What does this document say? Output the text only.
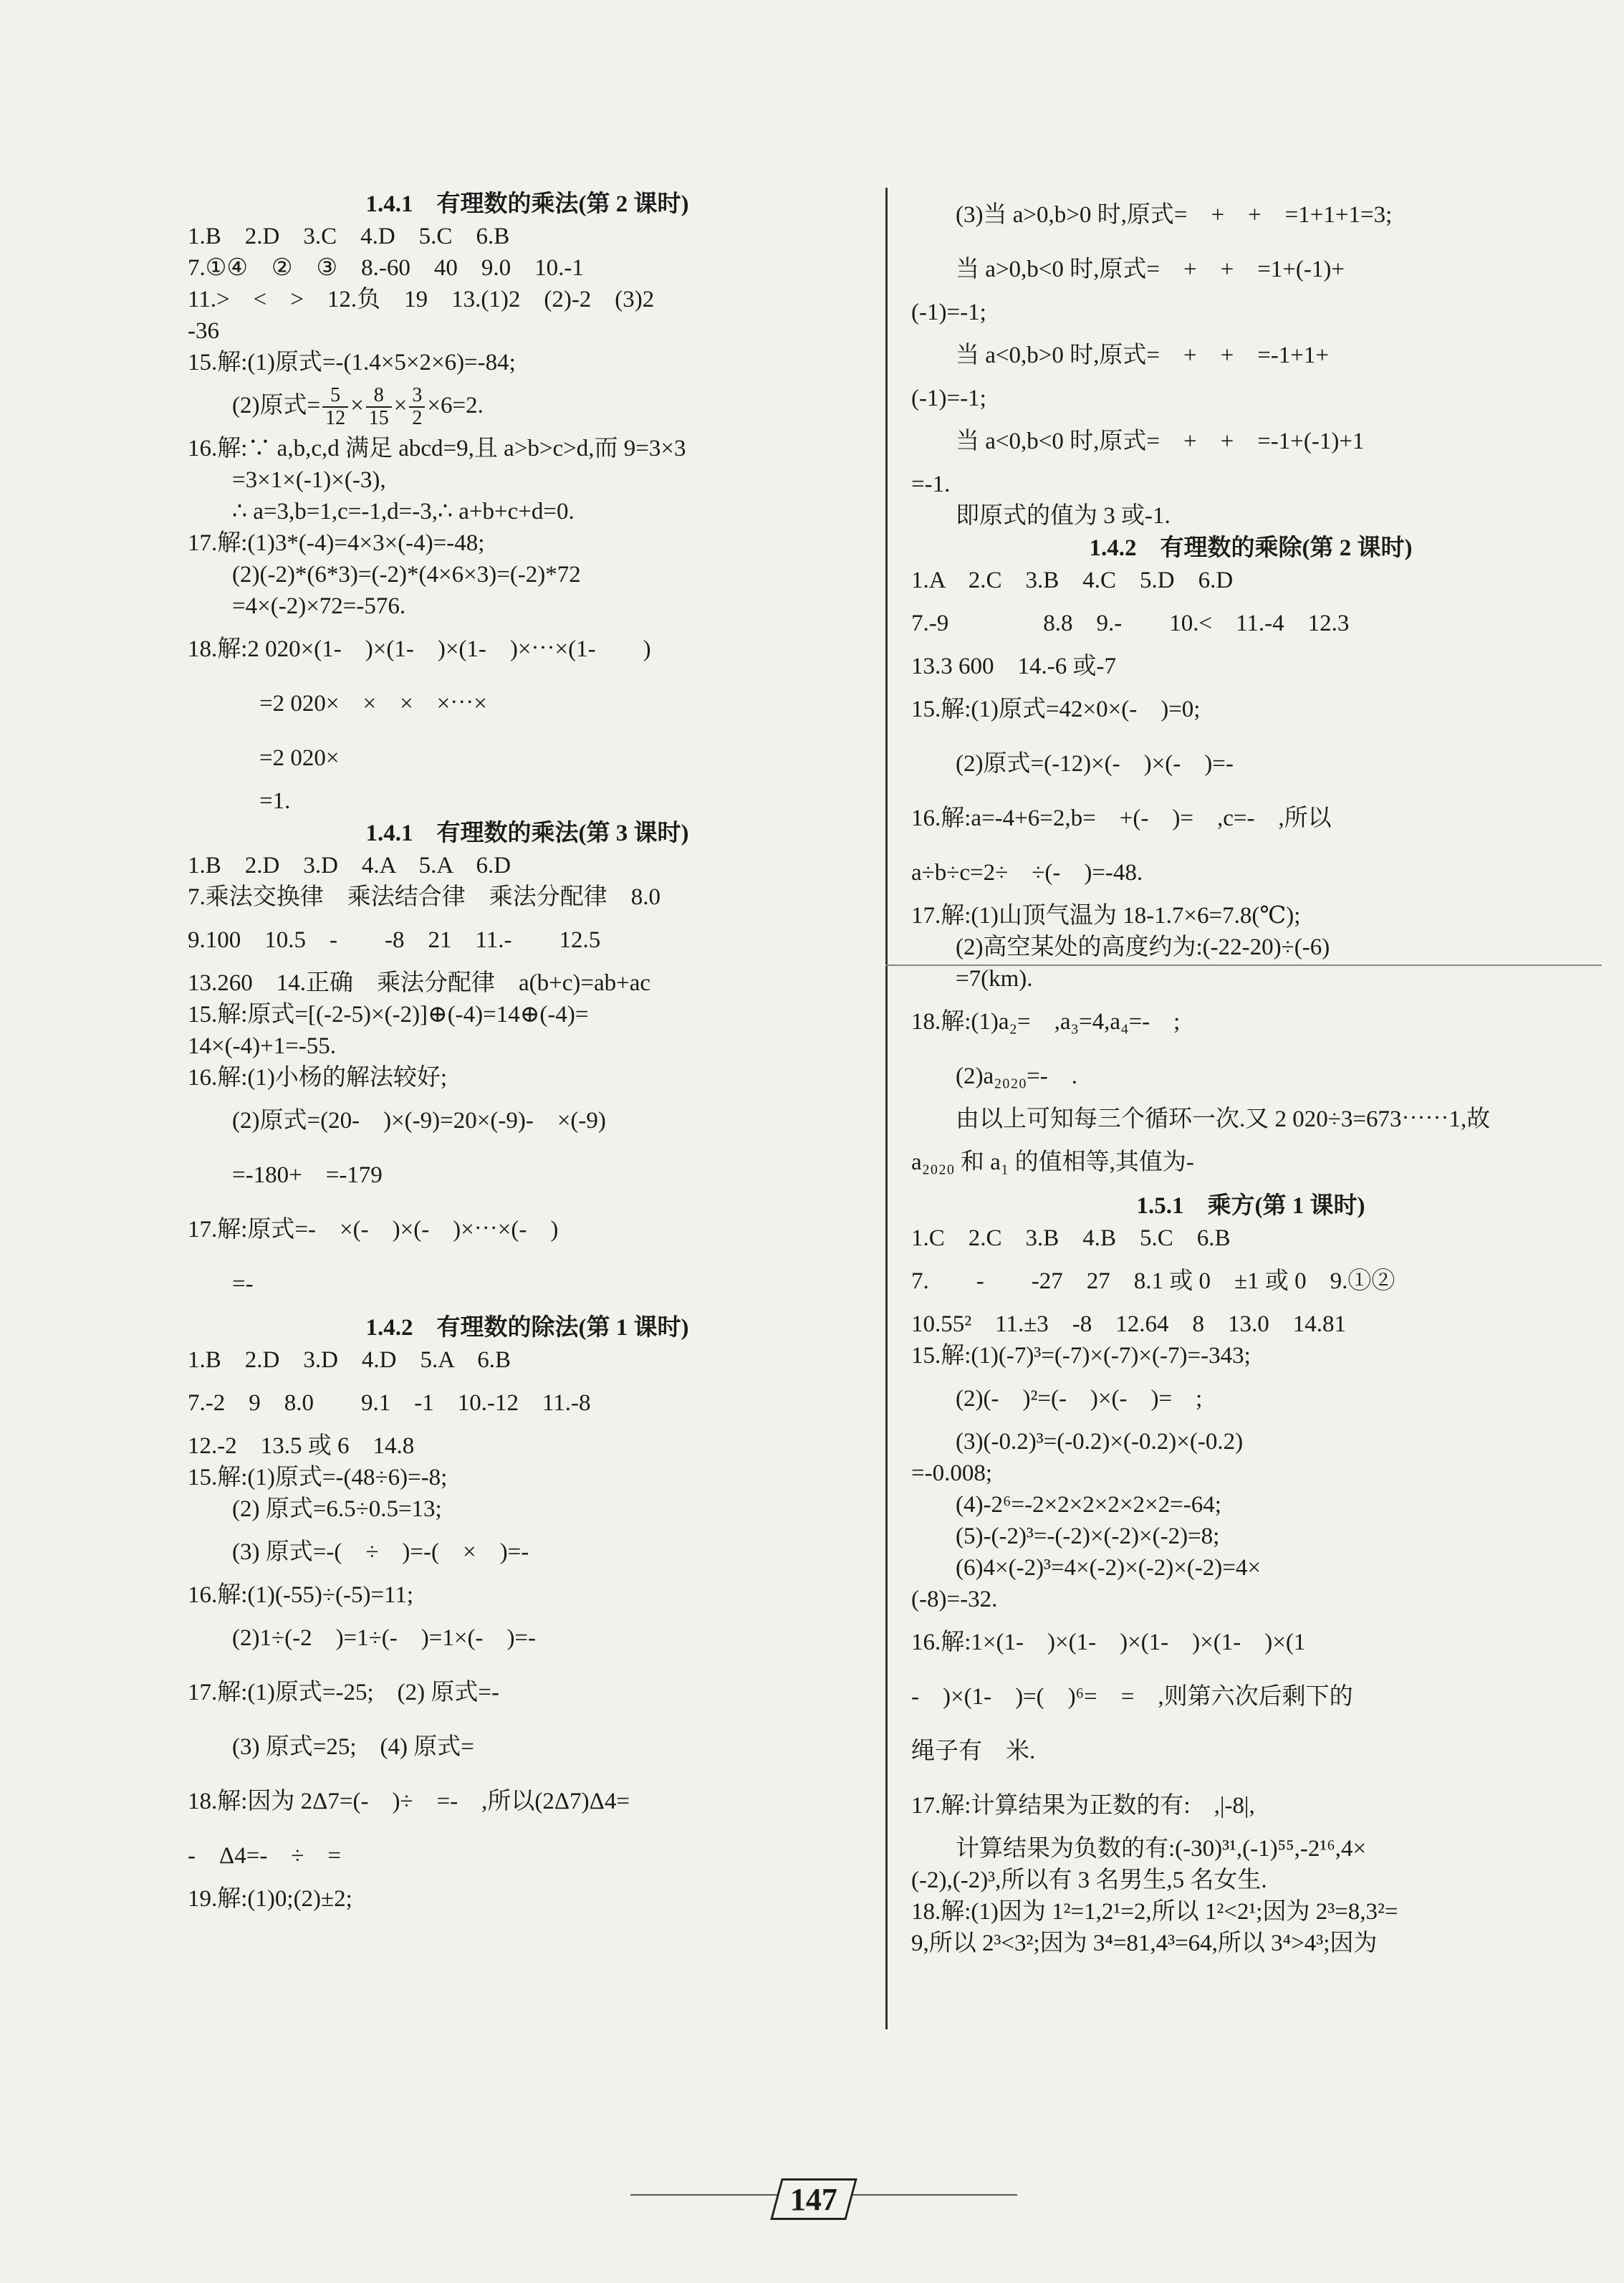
1.4.1　有理数的乘法(第 2 课时)
1.B　2.D　3.C　4.D　5.C　6.B
7.①④　②　③　8.-60　40　9.0　10.-1
11.>　<　>　12.负　19　13.(1)2　(2)-2　(3)2
-36
15.解:(1)原式=-(1.4×5×2×6)=-84;
(2)原式= $\frac{5}{12} \times \frac{8}{15} \times \frac{3}{2} \times 6=2$.
16.解:∵ a,b,c,d 满足 abcd=9,且 a>b>c>d,而 9=3×3
=3×1×(-1)×(-3),
∴ a=3,b=1,c=-1,d=-3,∴ a+b+c+d=0.
17.解:(1)3*(-4)=4×3×(-4)=-48;
(2)(-2)*(6*3)=(-2)*(4×6×3)=(-2)*72
=4×(-2)×72=-576.
18.解:2 020×(1-　)×(1-　)×(1-　)×⋯×(1-　　)
=2 020×　×　×　×⋯×
=2 020×
=1.
1.4.1　有理数的乘法(第 3 课时)
1.B　2.D　3.D　4.A　5.A　6.D
7.乘法交换律　乘法结合律　乘法分配律　8.0
9.100　10.5　-　　-8　21　11.-　　12.5
13.260　14.正确　乘法分配律　a(b+c)=ab+ac
15.解:原式=[(-2-5)×(-2)]⊕(-4)=14⊕(-4)=
14×(-4)+1=-55.
16.解:(1)小杨的解法较好;
(2)原式=(20-　)×(-9)=20×(-9)-　×(-9)
=-180+　=-179
17.解:原式=-　×(-　)×(-　)×⋯×(-　)
=-
1.4.2　有理数的除法(第 1 课时)
1.B　2.D　3.D　4.D　5.A　6.B
7.-2　9　8.0　　9.1　-1　10.-12　11.-8
12.-2　13.5 或 6　14.8
15.解:(1)原式=-(48÷6)=-8;
(2) 原式=6.5÷0.5=13;
(3) 原式=-(　÷　)=-(　×　)=-
16.解:(1)(-55)÷(-5)=11;
(2)1÷(-2　)=1÷(-　)=1×(-　)=-
17.解:(1)原式=-25;　(2) 原式=-
(3) 原式=25;　(4) 原式=
18.解:因为 2Δ7=(-　)÷　=-　,所以(2Δ7)Δ4=
-　Δ4=-　÷　=
19.解:(1)0;(2)±2;
(3)当 a>0,b>0 时,原式=　+　+　=1+1+1=3;
当 a>0,b<0 时,原式=　+　+　=1+(-1)+
(-1)=-1;
当 a<0,b>0 时,原式=　+　+　=-1+1+
(-1)=-1;
当 a<0,b<0 时,原式=　+　+　=-1+(-1)+1
=-1.
即原式的值为 3 或-1.
1.4.2　有理数的乘除(第 2 课时)
1.A　2.C　3.B　4.C　5.D　6.D
7.-9　　　　8.8　9.-　　10.<　11.-4　12.3
13.3 600　14.-6 或-7
15.解:(1)原式=42×0×(-　)=0;
(2)原式=(-12)×(-　)×(-　)=-
16.解:a=-4+6=2,b=　+(-　)=　,c=-　,所以
a÷b÷c=2÷　÷(-　)=-48.
17.解:(1)山顶气温为 18-1.7×6=7.8(℃);
(2)高空某处的高度约为:(-22-20)÷(-6)
=7(km).
18.解:(1)a₂=　,a₃=4,a₄=-　;
(2)a₂₀₂₀=-　.
由以上可知每三个循环一次.又 2 020÷3=673⋯⋯1,故
a₂₀₂₀ 和 a₁ 的值相等,其值为-
1.5.1　乘方(第 1 课时)
1.C　2.C　3.B　4.B　5.C　6.B
7.　　-　　-27　27　8.1 或 0　±1 或 0　9.①②
10.55²　11.±3　-8　12.64　8　13.0　14.81
15.解:(1)(-7)³=(-7)×(-7)×(-7)=-343;
(2)(-　)²=(-　)×(-　)=　;
(3)(-0.2)³=(-0.2)×(-0.2)×(-0.2)
=-0.008;
(4)-2⁶=-2×2×2×2×2×2=-64;
(5)-(-2)³=-(-2)×(-2)×(-2)=8;
(6)4×(-2)³=4×(-2)×(-2)×(-2)=4×
(-8)=-32.
16.解:1×(1-　)×(1-　)×(1-　)×(1-　)×(1
-　)×(1-　)=(　)⁶=　=　,则第六次后剩下的
绳子有　米.
17.解:计算结果为正数的有:　,|-8|,
计算结果为负数的有:(-30)³¹,(-1)⁵⁵,-2¹⁶,4×
(-2),(-2)³,所以有 3 名男生,5 名女生.
18.解:(1)因为 1²=1,2¹=2,所以 1²<2¹;因为 2³=8,3²=
9,所以 2³<3²;因为 3⁴=81,4³=64,所以 3⁴>4³;因为
147
